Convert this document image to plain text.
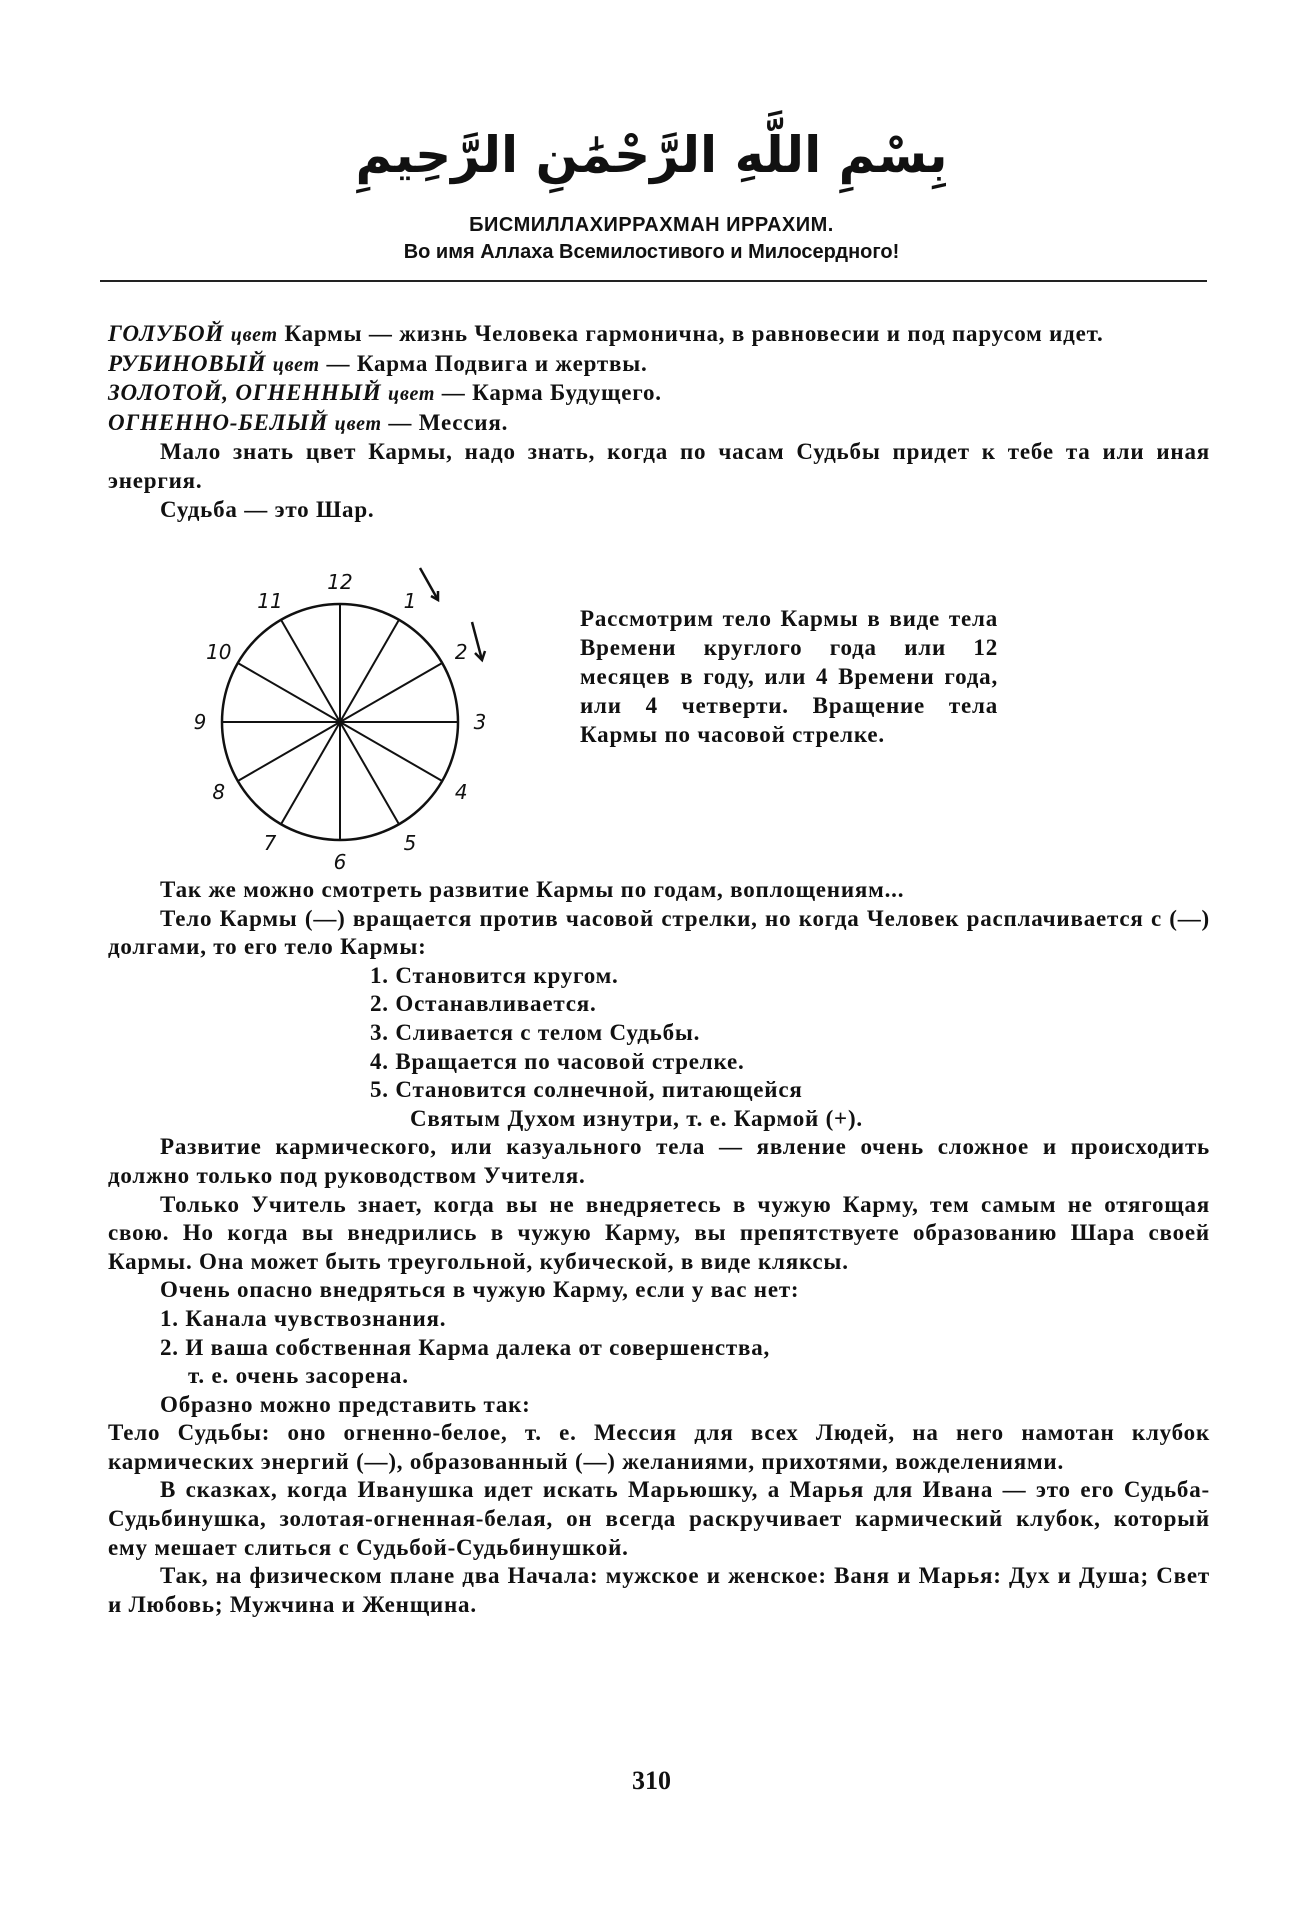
بِسْمِ اللَّهِ الرَّحْمَٰنِ الرَّحِيمِ
БИСМИЛЛАХИРРАХМАН ИРРАХИМ.
Во имя Аллаха Всемилостивого и Милосердного!

ГОЛУБОЙ цвет Кармы — жизнь Человека гармонична, в равновесии и под парусом идет.

РУБИНОВЫЙ цвет — Карма Подвига и жертвы.

ЗОЛОТОЙ, ОГНЕННЫЙ цвет — Карма Будущего.

ОГНЕННО-БЕЛЫЙ цвет — Мессия.

Мало знать цвет Кармы, надо знать, когда по часам Судьбы придет к тебе та или иная энергия.

Судьба — это Шар.

12
1
2
3
4
5
6
7
8
9
10
11

Рассмотрим тело Кармы в виде тела Времени круглого года или 12 месяцев в году, или 4 Времени года, или 4 четверти. Вращение тела Кармы по часовой стрелке.

Так же можно смотреть развитие Кармы по годам, воплощениям...

Тело Кармы (—) вращается против часовой стрелки, но когда Человек расплачивается с (—) долгами, то его тело Кармы:

1. Становится кругом.
2. Останавливается.
3. Сливается с телом Судьбы.
4. Вращается по часовой стрелке.
5. Становится солнечной, питающейся
Святым Духом изнутри, т. е. Кармой (+).

Развитие кармического, или казуального тела — явление очень сложное и происходить должно только под руководством Учителя.

Только Учитель знает, когда вы не внедряетесь в чужую Карму, тем самым не отягощая свою. Но когда вы внедрились в чужую Карму, вы препятствуете образованию Шара своей Кармы. Она может быть треугольной, кубической, в виде кляксы.

Очень опасно внедряться в чужую Карму, если у вас нет:

1. Канала чувствознания.

2. И ваша собственная Карма далека от совершенства,

т. е. очень засорена.

Образно можно представить так:

Тело Судьбы: оно огненно-белое, т. е. Мессия для всех Людей, на него намотан клубок кармических энергий (—), образованный (—) желаниями, прихотями, вожделениями.

В сказках, когда Иванушка идет искать Марьюшку, а Марья для Ивана — это его Судьба-Судьбинушка, золотая-огненная-белая, он всегда раскручивает кармический клубок, который ему мешает слиться с Судьбой-Судьбинушкой.

Так, на физическом плане два Начала: мужское и женское: Ваня и Марья: Дух и Душа; Свет и Любовь; Мужчина и Женщина.

310
